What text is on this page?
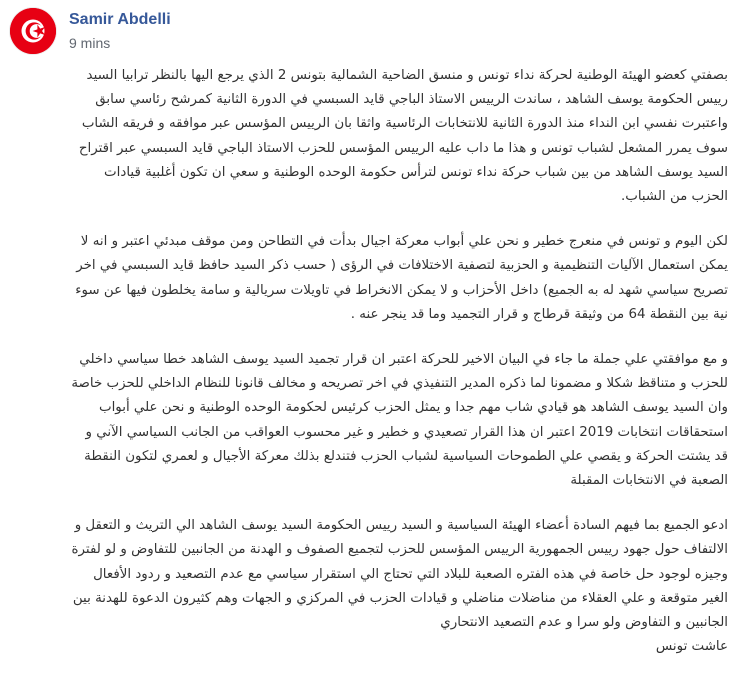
Samir Abdelli
9 mins

بصفتي كعضو الهيئة الوطنية لحركة نداء تونس و منسق الضاحية الشمالية بتونس 2 الذي يرجع اليها بالنظر ترابيا السيد رييس الحكومة يوسف الشاهد ، ساندت الرييس الاستاذ الباجي قايد السبسي في الدورة الثانية كمرشح رئاسي سابق واعتبرت نفسي ابن النداء منذ الدورة الثانية للانتخابات الرئاسية واثقا بان الرييس المؤسس عبر موافقه و فريقه الشاب سوف يمرر المشعل لشباب تونس و هذا ما داب عليه الرييس المؤسس للحزب الاستاذ الباجي قايد السبسي عبر اقتراح السيد يوسف الشاهد من بين شباب حركة نداء تونس لترأس حكومة الوحده الوطنية و سعي ان تكون أغلبية قيادات الحزب من الشباب.

لكن اليوم و تونس في منعرج خطير و نحن علي أبواب معركة اجيال بدأت في التطاحن ومن موقف مبدئي اعتبر و انه لا يمكن استعمال الآليات التنظيمية و الحزبية لتصفية الاختلافات في الرؤى ( حسب ذكر السيد حافظ قايد السبسي في اخر تصريح سياسي شهد له به الجميع) داخل الأحزاب و لا يمكن الانخراط في تاويلات سريالية و سامة يخلطون فيها عن سوء نية بين النقطة 64 من وثيقة قرطاج و قرار التجميد وما قد ينجر عنه .

و مع موافقتي علي جملة ما جاء في البيان الاخير للحركة اعتبر ان قرار تجميد السيد يوسف الشاهد خطا سياسي داخلي للحزب و متناقظ شكلا و مضمونا لما ذكره المدير التنفيذي في اخر تصريحه و مخالف قانونا للنظام الداخلي للحزب خاصة وان السيد يوسف الشاهد هو قيادي شاب مهم جدا و يمثل الحزب كرئيس لحكومة الوحده الوطنية و نحن علي أبواب استحقاقات انتخابات 2019 اعتبر ان هذا القرار تصعيدي و خطير و غير محسوب العواقب من الجانب السياسي الآني و قد يشتت الحركة و يقصي علي الطموحات السياسية لشباب الحزب فتندلع بذلك معركة الأجيال و لعمري لتكون النقطة الصعبة في الانتخابات المقبلة

ادعو الجميع بما فيهم السادة أعضاء الهيئة السياسية و السيد رييس الحكومة السيد يوسف الشاهد الي التريث و التعقل و الالتفاف حول جهود رييس الجمهورية الرييس المؤسس للحزب لتجميع الصفوف و الهدنة من الجانبين للتفاوض و لو لفترة وجيزه لوجود حل خاصة في هذه الفتره الصعبة للبلاد التي تحتاج الي استقرار سياسي مع عدم التصعيد و ردود الأفعال الغير متوقعة و علي العقلاء من مناضلات مناضلي و قيادات الحزب في المركزي و الجهات وهم كثيرون الدعوة للهدنة بين الجانبين و التفاوض ولو سرا و عدم التصعيد الانتحاري
عاشت تونس
